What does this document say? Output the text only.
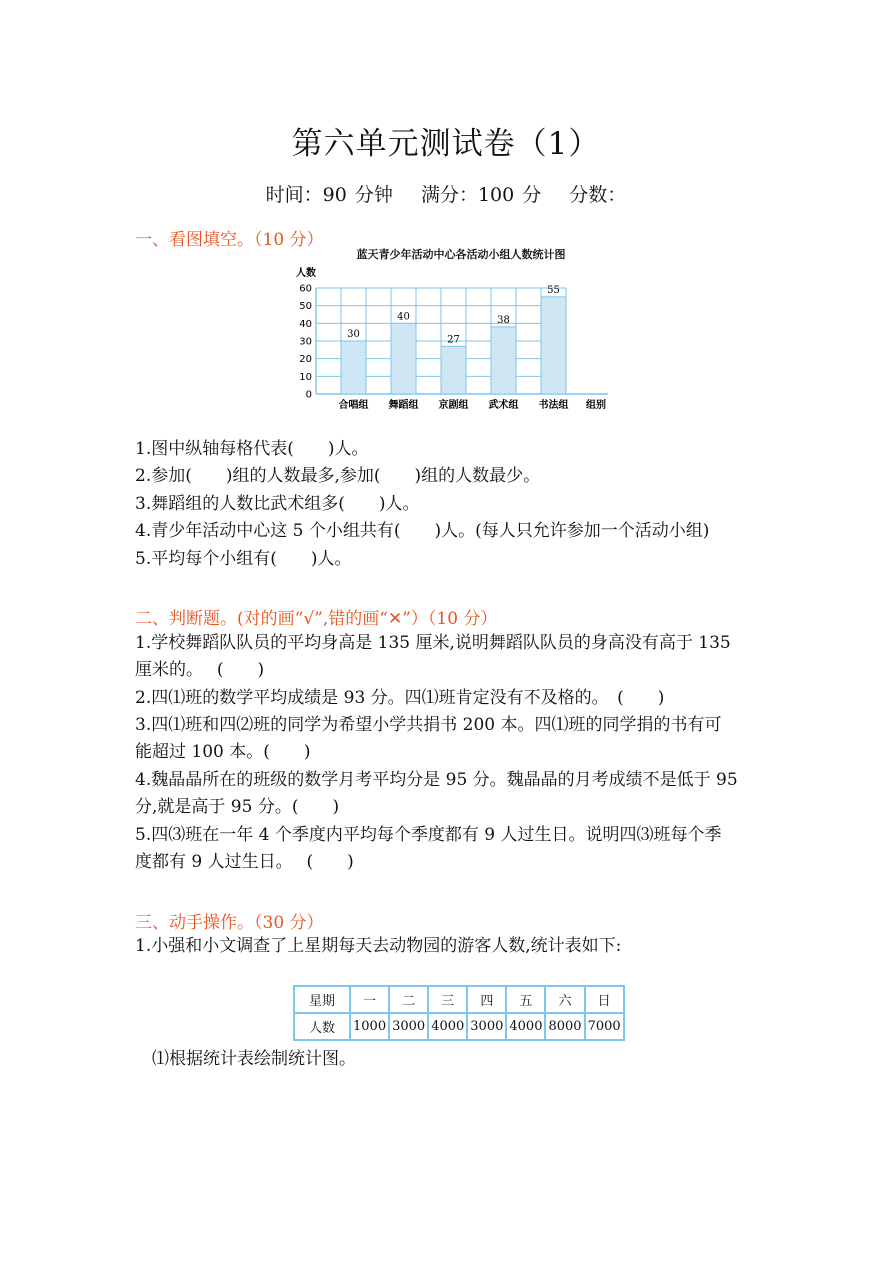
第六单元测试卷（1）
时间：90 分钟 满分：100 分 分数：
一、看图填空。（10 分）
蓝天青少年活动中心各活动小组人数统计图
0
10
20
30
40
50
60
人数
30
合唱组
40
舞蹈组
27
京剧组
38
武术组
55
书法组 组别
1.图中纵轴每格代表(　　)人。
2.参加(　　)组的人数最多,参加(　　)组的人数最少。
3.舞蹈组的人数比武术组多(　　)人。
4.青少年活动中心这 5 个小组共有(　　)人。(每人只允许参加一个活动小组)
5.平均每个小组有(　　)人。
二、判断题。(对的画“√”,错的画“✕”）（10 分）
1.学校舞蹈队队员的平均身高是 135 厘米,说明舞蹈队队员的身高没有高于 135
厘米的。　 (　　)
2.四⑴班的数学平均成绩是 93 分。四⑴班肯定没有不及格的。　(　　)
3.四⑴班和四⑵班的同学为希望小学共捐书 200 本。四⑴班的同学捐的书有可
能超过 100 本。(　　)
4.魏晶晶所在的班级的数学月考平均分是 95 分。魏晶晶的月考成绩不是低于 95
分,就是高于 95 分。(　　)
5.四⑶班在一年 4 个季度内平均每个季度都有 9 人过生日。说明四⑶班每个季
度都有 9 人过生日。　 (　　)
三、动手操作。（30 分）
1.小强和小文调查了上星期每天去动物园的游客人数,统计表如下:
星期	一	二	三	四	五	六	日
人数	1000	3000	4000	3000	4000	8000	7000
⑴根据统计表绘制统计图。
